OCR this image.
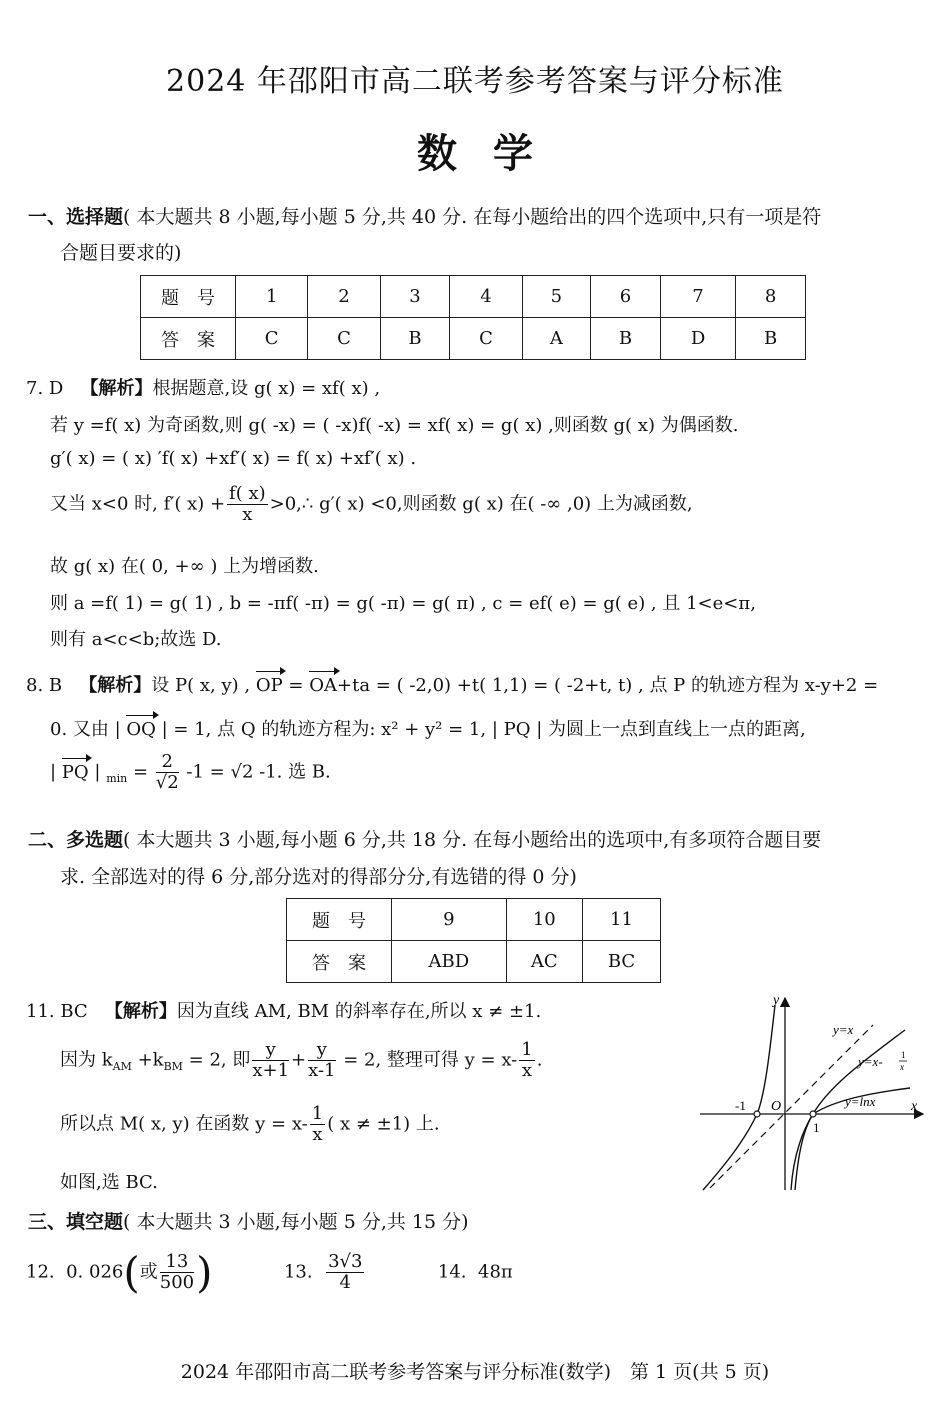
2024 年邵阳市高二联考参考答案与评分标准
数学
一、选择题( 本大题共 8 小题,每小题 5 分,共 40 分. 在每小题给出的四个选项中,只有一项是符
合题目要求的)
题号	1	2	3	4	5	6	7	8
答案	C	C	B	C	A	B	D	B
7. D 【解析】根据题意,设 g( x) = xf( x) ,
若 y =f( x) 为奇函数,则 g( -x) = ( -x)f( -x) = xf( x) = g( x) ,则函数 g( x) 为偶函数.
g′( x) = ( x) ′f( x) +xf′( x) = f( x) +xf′( x) .
又当 x<0 时, f′( $x) + \frac{f( x)}{x}$ >0,∴ g′( x) <0,则函数 g( x) 在( -∞ ,0) 上为减函数,
故 g( x) 在( 0, +∞ ) 上为增函数.
则 a =f( 1) = g( 1) , b = -πf( -π) = g( -π) = g( π) , c = ef( e) = g( e) , 且 1<e<π,
则有 a<c<b;故选 D.
8. B 【解析】设 P( x, y) , OP = OA+ta = ( -2,0) +t( 1,1) = ( -2+t, t) , 点 P 的轨迹方程为 x-y+2 =
0. 又由 | OQ | = 1, 点 Q 的轨迹方程为: x² + y² = 1, | PQ | 为圆上一点到直线上一点的距离,
| PQ | $_{min} = \frac{2}{√2} -1 = √2$ -1. 选 B.
二、多选题( 本大题共 3 小题,每小题 6 分,共 18 分. 在每小题给出的选项中,有多项符合题目要
求. 全部选对的得 6 分,部分选对的得部分分,有选错的得 0 分)
题号	9	10	11
答案	ABD	AC	BC
11. BC 【解析】因为直线 AM, BM 的斜率存在,所以 x ≠ ±1.
因为 $k_{AM} +k_{BM} = 2$, 即 $\frac{y}{x+1} + \frac{y}{x-1} = 2$, 整理可得 $y = x- \frac{1}{x}$ .
所以点 M( x, y) 在函数 $y = x- \frac{1}{x}$ ( x ≠ ±1) 上.
如图,选 BC.
y
x
O
-1
1
y=x
y=x- 1
x
y=lnx
三、填空题( 本大题共 3 小题,每小题 5 分,共 15 分)
12. 0. 026(或 $\frac{13}{500}$ )	13. $\frac{3√3}{4}$	14. 48π
2024 年邵阳市高二联考参考答案与评分标准(数学)　第 1 页(共 5 页)
